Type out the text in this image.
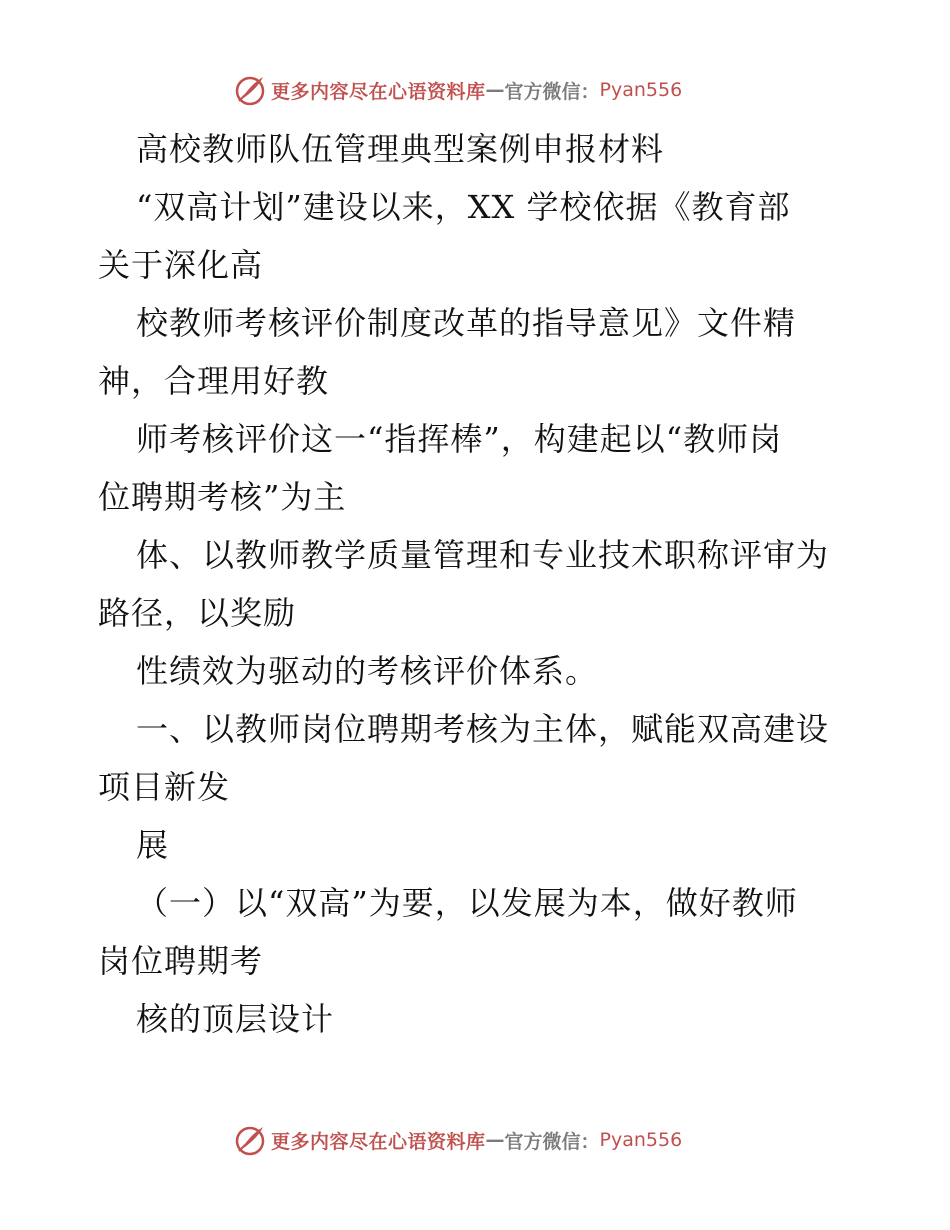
更多内容尽在心语资料库 — 官方微信： Pyan556
高校教师队伍管理典型案例申报材料
“双高计划”建设以来，XX 学校依据《教育部
关于深化高
校教师考核评价制度改革的指导意见》文件精
神，合理用好教
师考核评价这一“指挥棒”，构建起以“教师岗
位聘期考核”为主
体、以教师教学质量管理和专业技术职称评审为
路径，以奖励
性绩效为驱动的考核评价体系。
一、以教师岗位聘期考核为主体，赋能双高建设
项目新发
展
（一）以“双高”为要，以发展为本，做好教师
岗位聘期考
核的顶层设计
更多内容尽在心语资料库 — 官方微信： Pyan556
